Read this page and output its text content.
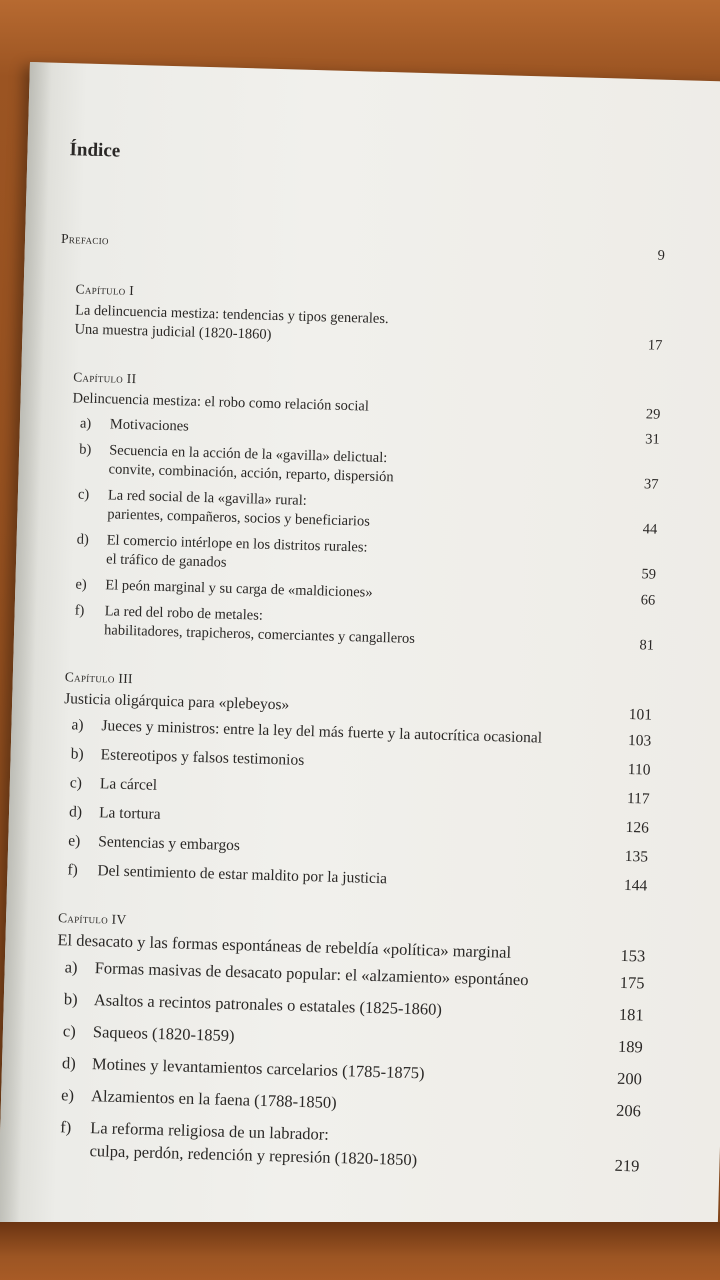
Índice
Prefacio
9
Capítulo I
La delincuencia mestiza: tendencias y tipos generales.
Una muestra judicial (1820-1860)
17
Capítulo II
Delincuencia mestiza: el robo como relación social	29
a) Motivaciones
31
b) Secuencia en la acción de la «gavilla» delictual:
convite, combinación, acción, reparto, dispersión	37
c) La red social de la «gavilla» rural:
parientes, compañeros, socios y beneficiarios	44
d) El comercio intérlope en los distritos rurales:
el tráfico de ganados
59
e) El peón marginal y su carga de «maldiciones»	66
f) La red del robo de metales:
habilitadores, trapicheros, comerciantes y cangalleros	81
Capítulo III
Justicia oligárquica para «plebeyos»
101
a) Jueces y ministros: entre la ley del más fuerte y la autocrítica ocasional	103
b) Estereotipos y falsos testimonios
110
c) La cárcel
117
d) La tortura
126
e) Sentencias y embargos
135
f) Del sentimiento de estar maldito por la justicia	144
Capítulo IV
El desacato y las formas espontáneas de rebeldía «política» marginal	153
a) Formas masivas de desacato popular: el «alzamiento» espontáneo	175
b) Asaltos a recintos patronales o estatales (1825-1860)	181
c) Saqueos (1820-1859)
189
d) Motines y levantamientos carcelarios (1785-1875)	200
e) Alzamientos en la faena (1788-1850)	206
f) La reforma religiosa de un labrador:
culpa, perdón, redención y represión (1820-1850)	219
